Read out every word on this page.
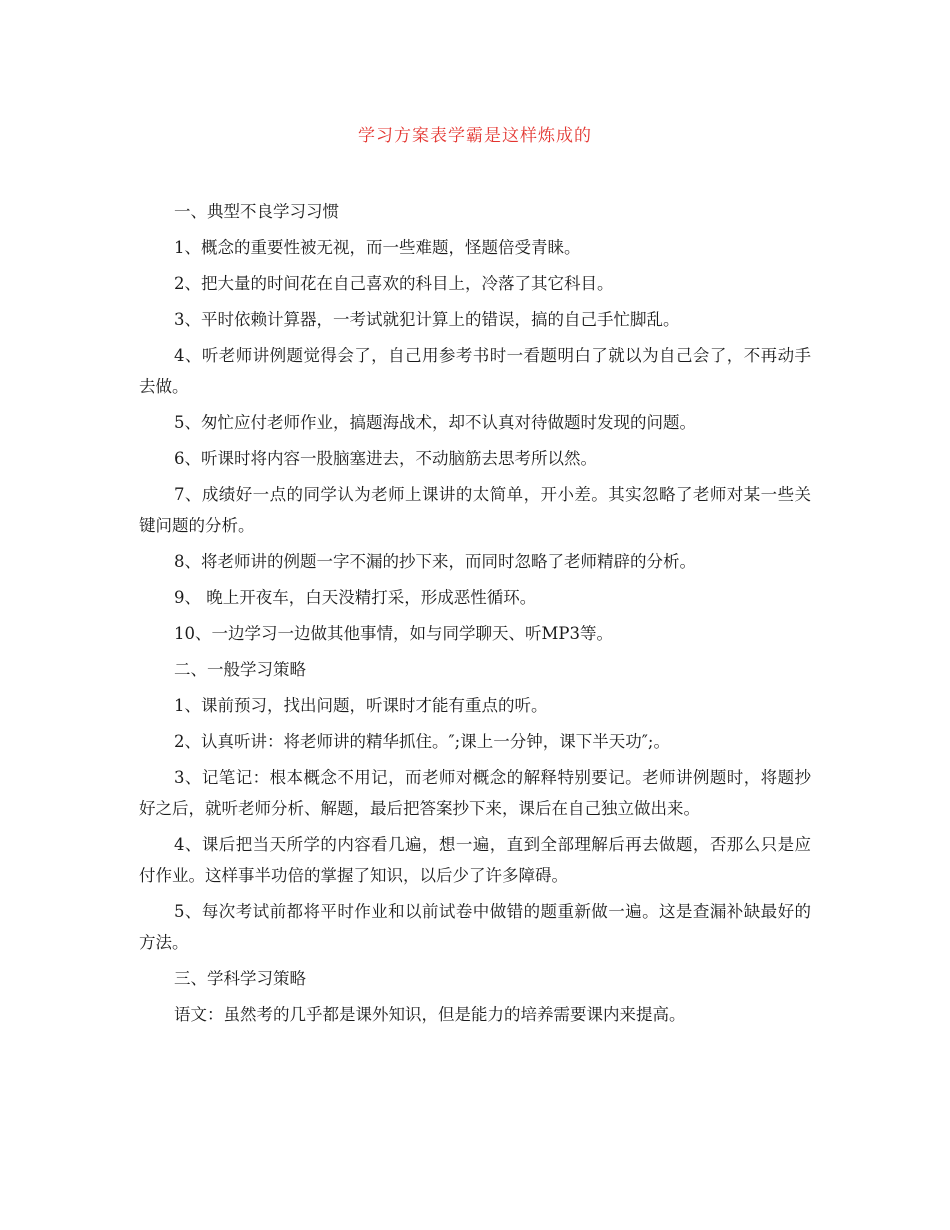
学习方案表学霸是这样炼成的

一、典型不良学习习惯

1、概念的重要性被无视，而一些难题，怪题倍受青睐。

2、把大量的时间花在自己喜欢的科目上，冷落了其它科目。

3、平时依赖计算器，一考试就犯计算上的错误，搞的自己手忙脚乱。

4、听老师讲例题觉得会了，自己用参考书时一看题明白了就以为自己会了，不再动手去做。

5、匆忙应付老师作业，搞题海战术，却不认真对待做题时发现的问题。

6、听课时将内容一股脑塞进去，不动脑筋去思考所以然。

7、成绩好一点的同学认为老师上课讲的太简单，开小差。其实忽略了老师对某一些关键问题的分析。

8、将老师讲的例题一字不漏的抄下来，而同时忽略了老师精辟的分析。

9、 晚上开夜车，白天没精打采，形成恶性循环。

10、一边学习一边做其他事情，如与同学聊天、听MP3等。

二、一般学习策略

1、课前预习，找出问题，听课时才能有重点的听。

2、认真听讲：将老师讲的精华抓住。″;课上一分钟，课下半天功″;。

3、记笔记：根本概念不用记，而老师对概念的解释特别要记。老师讲例题时，将题抄好之后，就听老师分析、解题，最后把答案抄下来，课后在自己独立做出来。

4、课后把当天所学的内容看几遍，想一遍，直到全部理解后再去做题，否那么只是应付作业。这样事半功倍的掌握了知识，以后少了许多障碍。

5、每次考试前都将平时作业和以前试卷中做错的题重新做一遍。这是查漏补缺最好的方法。

三、学科学习策略

语文：虽然考的几乎都是课外知识，但是能力的培养需要课内来提高。
